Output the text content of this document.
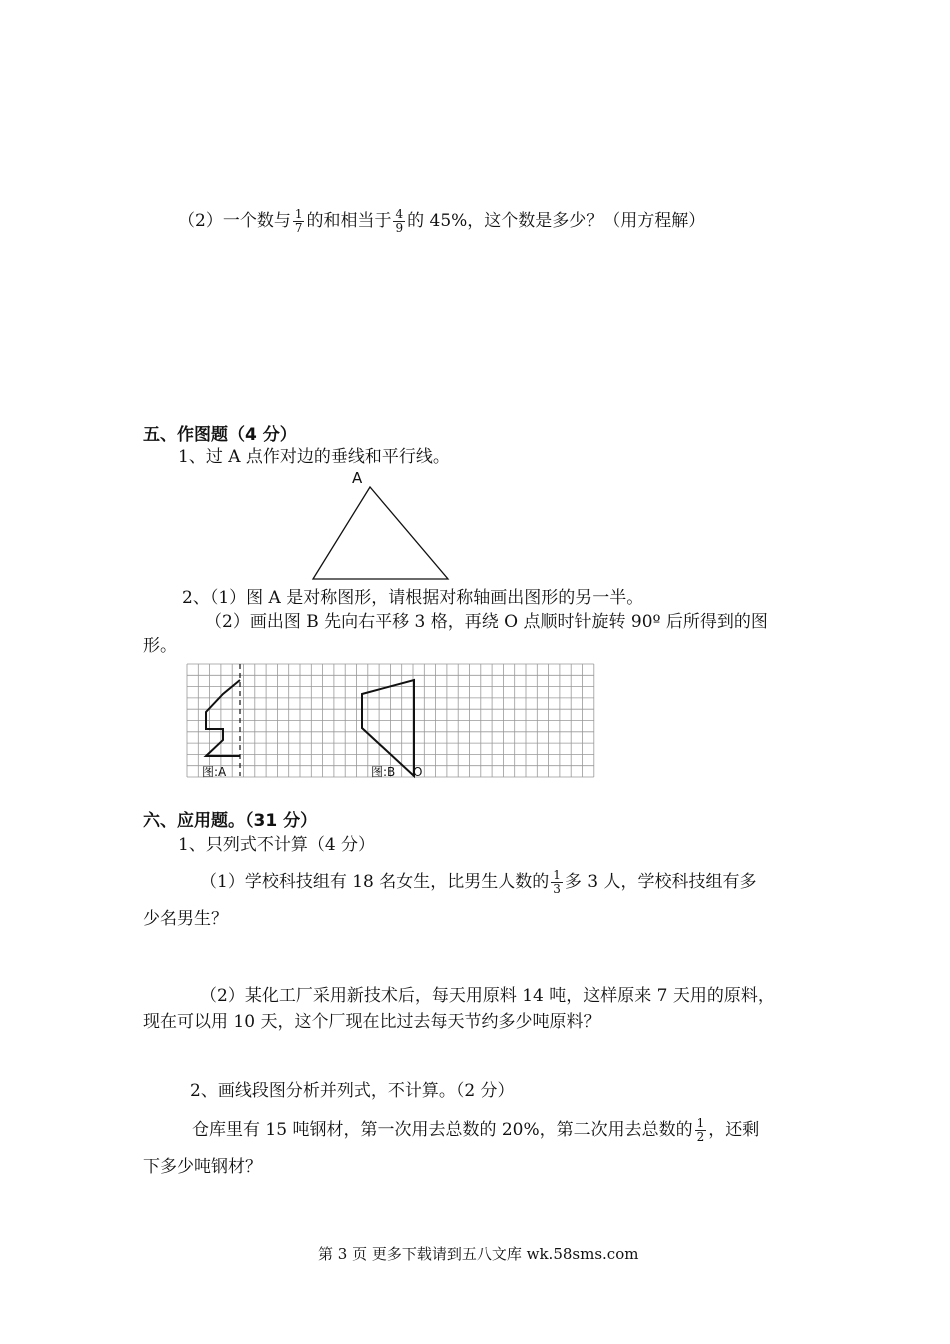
（2）一个数与 $\frac{1}{7}$ 的和相当于 $\frac{4}{9}$ 的 45%，这个数是多少？（用方程解）
五、作图题（4 分）
1、过 A 点作对边的垂线和平行线。
A
2、（1）图 A 是对称图形，请根据对称轴画出图形的另一半。
（2）画出图 B 先向右平移 3 格，再绕 O 点顺时针旋转 90º 后所得到的图
形。
图:A	图:B O
六、应用题。（31 分）
1、只列式不计算（4 分）
（1）学校科技组有 18 名女生，比男生人数的 $\frac{1}{3}$ 多 3 人，学校科技组有多
少名男生？
（2）某化工厂采用新技术后，每天用原料 14 吨，这样原来 7 天用的原料，
现在可以用 10 天，这个厂现在比过去每天节约多少吨原料？
2、画线段图分析并列式，不计算。（2 分）
仓库里有 15 吨钢材，第一次用去总数的 20%，第二次用去总数的 $\frac{1}{2}$ ，还剩
下多少吨钢材？
第 3 页 更多下载请到五八文库 wk.58sms.com
